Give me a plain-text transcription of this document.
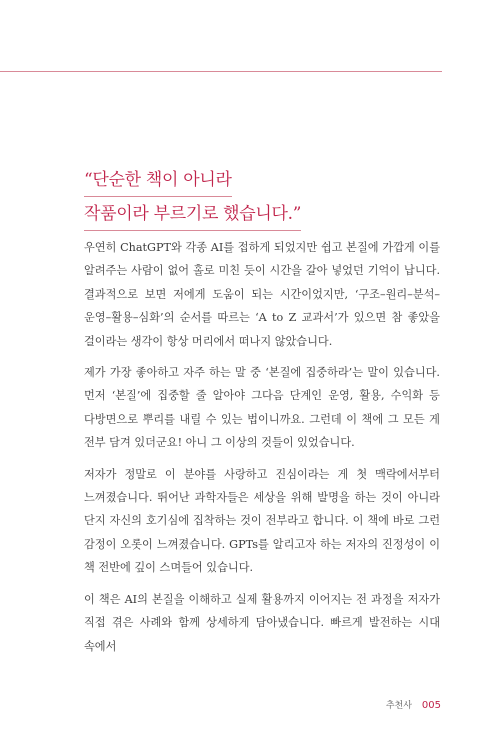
“단순한 책이 아니라
작품이라 부르기로 했습니다.”

우연히 ChatGPT와 각종 AI를 접하게 되었지만 쉽고 본질에 가깝게 이를 알려주는 사람이 없어 홀로 미친 듯이 시간을 갈아 넣었던 기억이 납니다. 결과적으로 보면 저에게 도움이 되는 시간이었지만, ‘구조–원리–분석–운영–활용–심화’의 순서를 따르는 ‘A to Z 교과서’가 있으면 참 좋았을 걸이라는 생각이 항상 머리에서 떠나지 않았습니다.

제가 가장 좋아하고 자주 하는 말 중 ‘본질에 집중하라’는 말이 있습니다. 먼저 ‘본질’에 집중할 줄 알아야 그다음 단계인 운영, 활용, 수익화 등 다방면으로 뿌리를 내릴 수 있는 법이니까요. 그런데 이 책에 그 모든 게 전부 담겨 있더군요! 아니 그 이상의 것들이 있었습니다.

저자가 정말로 이 분야를 사랑하고 진심이라는 게 첫 맥락에서부터 느껴졌습니다. 뛰어난 과학자들은 세상을 위해 발명을 하는 것이 아니라 단지 자신의 호기심에 집착하는 것이 전부라고 합니다. 이 책에 바로 그런 감정이 오롯이 느껴졌습니다. GPTs를 알리고자 하는 저자의 진정성이 이 책 전반에 깊이 스며들어 있습니다.

이 책은 AI의 본질을 이해하고 실제 활용까지 이어지는 전 과정을 저자가 직접 겪은 사례와 함께 상세하게 담아냈습니다. 빠르게 발전하는 시대 속에서

추천사 005
